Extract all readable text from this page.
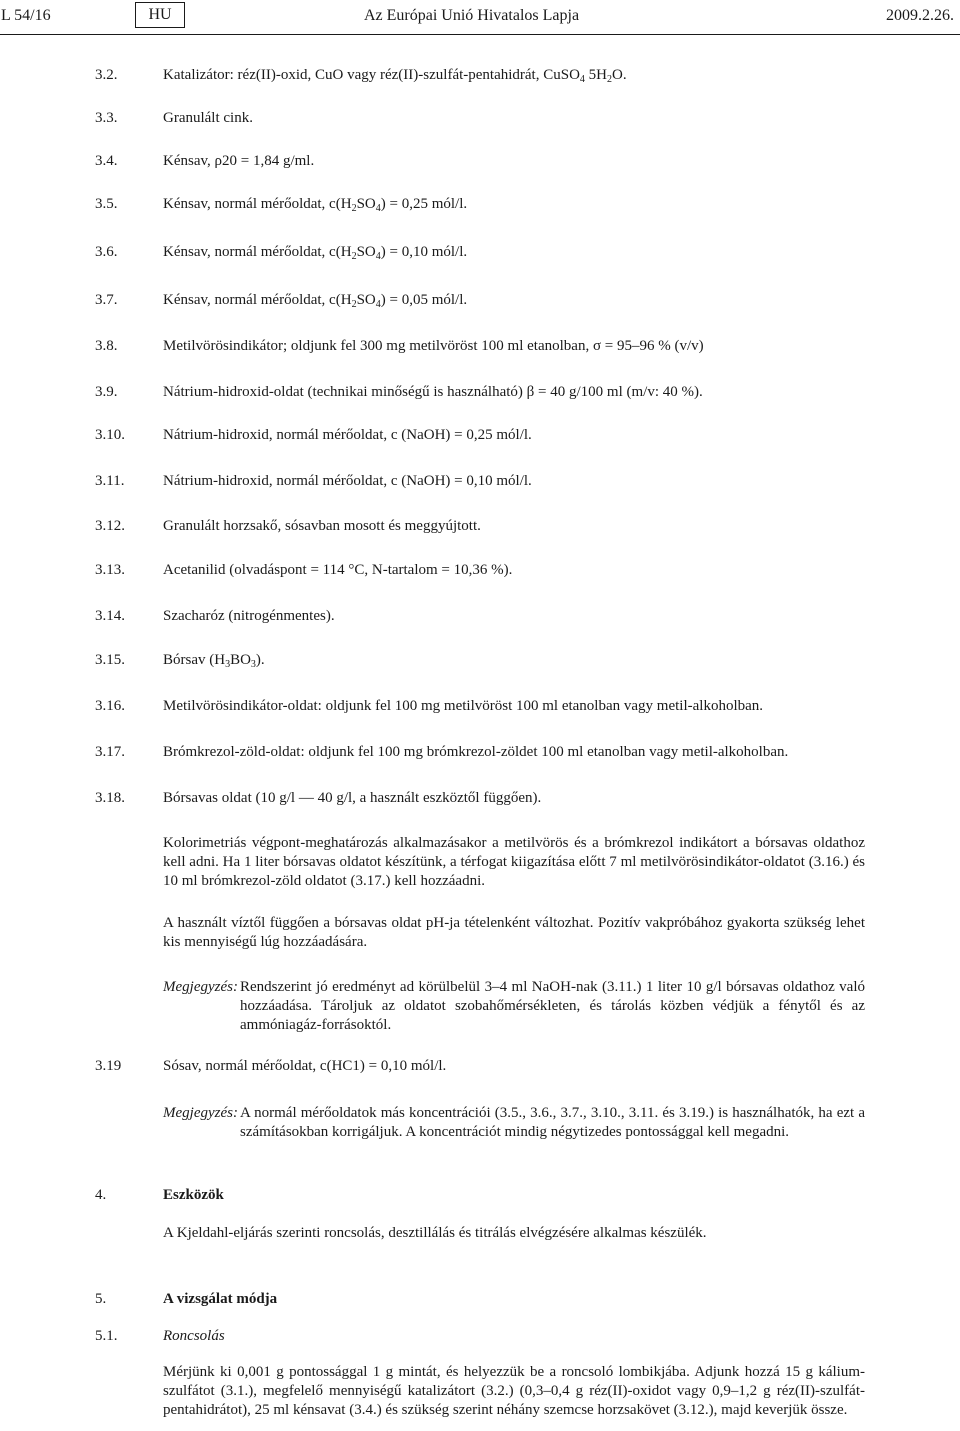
L 54/16	HU	Az Európai Unió Hivatalos Lapja	2009.2.26.
3.2.	Katalizátor: réz(II)-oxid, CuO vagy réz(II)-szulfát-pentahidrát, CuSO$_4$ $5H_2O$.
3.3.	Granulált cink.
3.4.	Kénsav, ρ20 = 1,84 g/ml.
3.5.	Kénsav, normál mérőoldat, $c(H_2SO_4) = 0,25$ mól/l.
3.6.	Kénsav, normál mérőoldat, $c(H_2SO_4) = 0,10$ mól/l.
3.7.	Kénsav, normál mérőoldat, $c(H_2SO_4) = 0,05$ mól/l.
3.8.	Metilvörösindikátor; oldjunk fel 300 mg metilvöröst 100 ml etanolban, σ = 95–96 % (v/v)
3.9.	Nátrium-hidroxid-oldat (technikai minőségű is használható) β = 40 g/100 ml (m/v: 40 %).
3.10.	Nátrium-hidroxid, normál mérőoldat, c (NaOH) = 0,25 mól/l.
3.11.	Nátrium-hidroxid, normál mérőoldat, c (NaOH) = 0,10 mól/l.
3.12.	Granulált horzsakő, sósavban mosott és meggyújtott.
3.13.	Acetanilid (olvadáspont = 114 °C, N-tartalom = 10,36 %).
3.14.	Szacharóz (nitrogénmentes).
3.15.	Bórsav $(H_3BO_3)$.
3.16.	Metilvörösindikátor-oldat: oldjunk fel 100 mg metilvöröst 100 ml etanolban vagy metil-alkoholban.
3.17.	Brómkrezol-zöld-oldat: oldjunk fel 100 mg brómkrezol-zöldet 100 ml etanolban vagy metil-alkoholban.
3.18.	Bórsavas oldat (10 g/l — 40 g/l, a használt eszköztől függően).
Kolorimetriás végpont-meghatározás alkalmazásakor a metilvörös és a brómkrezol indikátort a bórsavas oldathoz kell adni. Ha 1 liter bórsavas oldatot készítünk, a térfogat kiigazítása előtt 7 ml metilvörösindikátor-oldatot (3.16.) és 10 ml brómkrezol-zöld oldatot (3.17.) kell hozzáadni.
A használt víztől függően a bórsavas oldat pH-ja tételenként változhat. Pozitív vakpróbához gyakorta szükség lehet kis mennyiségű lúg hozzáadására.
Megjegyzés: Rendszerint jó eredményt ad körülbelül 3–4 ml NaOH-nak (3.11.) 1 liter 10 g/l bórsavas oldathoz való hozzáadása. Tároljuk az oldatot szobahőmérsékleten, és tárolás közben védjük a fénytől és az ammóniagáz-forrásoktól.
3.19	Sósav, normál mérőoldat, c(HC1) = 0,10 mól/l.
Megjegyzés: A normál mérőoldatok más koncentrációi (3.5., 3.6., 3.7., 3.10., 3.11. és 3.19.) is használhatók, ha ezt a számításokban korrigáljuk. A koncentrációt mindig négytizedes pontossággal kell megadni.
4.	Eszközök
A Kjeldahl-eljárás szerinti roncsolás, desztillálás és titrálás elvégzésére alkalmas készülék.
5.	A vizsgálat módja
5.1.	Roncsolás
Mérjünk ki 0,001 g pontossággal 1 g mintát, és helyezzük be a roncsoló lombikjába. Adjunk hozzá 15 g kálium-szulfátot (3.1.), megfelelő mennyiségű katalizátort (3.2.) (0,3–0,4 g réz(II)-oxidot vagy 0,9–1,2 g réz(II)-szulfát-pentahidrátot), 25 ml kénsavat (3.4.) és szükség szerint néhány szemcse horzsakövet (3.12.), majd keverjük össze.
